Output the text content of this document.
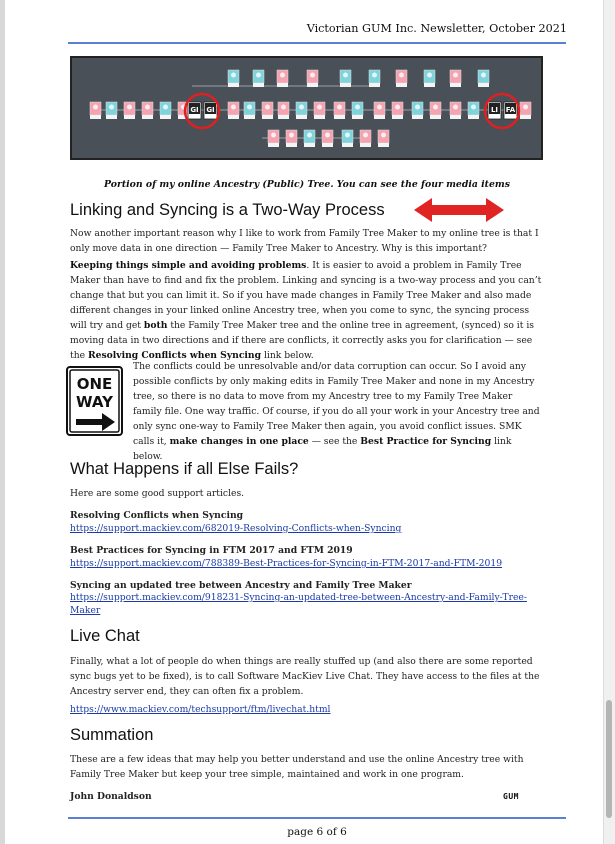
Victorian GUM Inc. Newsletter, October 2021
GI GI	LI FA
Portion of my online Ancestry (Public) Tree. You can see the four media items
Linking and Syncing is a Two-Way Process

Now another important reason why I like to work from Family Tree Maker to my online tree is that I only move data in one direction — Family Tree Maker to Ancestry. Why is this important?

Keeping things simple and avoiding problems. It is easier to avoid a problem in Family Tree Maker than have to find and fix the problem. Linking and syncing is a two-way process and you can’t change that but you can limit it. So if you have made changes in Family Tree Maker and also made different changes in your linked online Ancestry tree, when you come to sync, the syncing process will try and get both the Family Tree Maker tree and the online tree in agreement, (synced) so it is moving data in two directions and if there are conflicts, it correctly asks you for clarification — see the Resolving Conflicts when Syncing link below.

ONE
WAY

The conflicts could be unresolvable and/or data corruption can occur. So I avoid any possible conflicts by only making edits in Family Tree Maker and none in my Ancestry tree, so there is no data to move from my Ancestry tree to my Family Tree Maker family file. One way traffic. Of course, if you do all your work in your Ancestry tree and only sync one-way to Family Tree Maker then again, you avoid conflict issues. SMK calls it, make changes in one place — see the Best Practice for Syncing link below.

What Happens if all Else Fails?

Here are some good support articles.

Resolving Conflicts when Syncing

https://support.mackiev.com/682019-Resolving-Conflicts-when-Syncing

Best Practices for Syncing in FTM 2017 and FTM 2019

https://support.mackiev.com/788389-Best-Practices-for-Syncing-in-FTM-2017-and-FTM-2019

Syncing an updated tree between Ancestry and Family Tree Maker

https://support.mackiev.com/918231-Syncing-an-updated-tree-between-Ancestry-and-Family-Tree-Maker

Live Chat

Finally, what a lot of people do when things are really stuffed up (and also there are some reported sync bugs yet to be fixed), is to call Software MacKiev Live Chat. They have access to the files at the Ancestry server end, they can often fix a problem.

https://www.mackiev.com/techsupport/ftm/livechat.html

Summation

These are a few ideas that may help you better understand and use the online Ancestry tree with Family Tree Maker but keep your tree simple, maintained and work in one program.

John Donaldson	GUM
page 6 of 6
